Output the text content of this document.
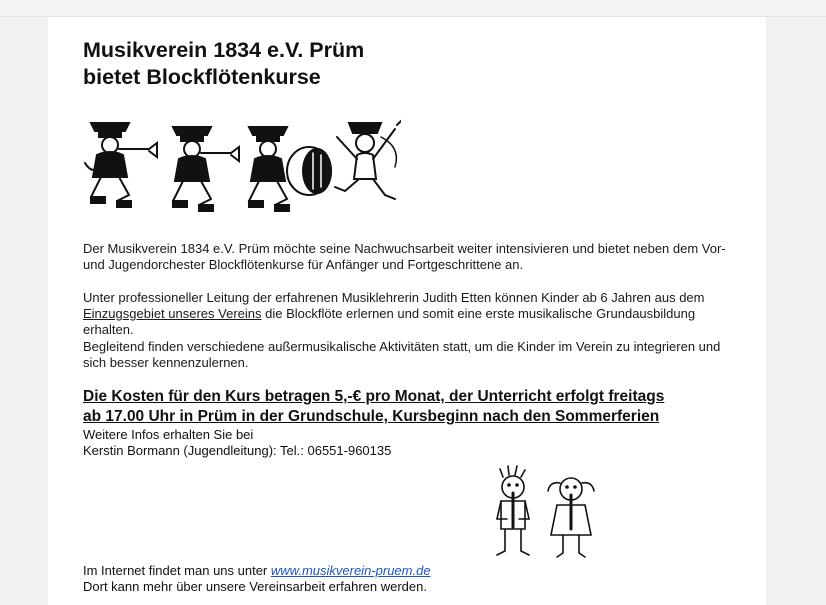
Musikverein 1834 e.V. Prüm
bietet Blockflötenkurse

Der Musikverein 1834 e.V. Prüm möchte seine Nachwuchsarbeit weiter intensivieren und bietet neben dem Vor- und Jugendorchester Blockflötenkurse für Anfänger und Fortgeschrittene an.

Unter professioneller Leitung der erfahrenen Musiklehrerin Judith Etten können Kinder ab 6 Jahren aus dem Einzugsgebiet unseres Vereins die Blockflöte erlernen und somit eine erste musikalische Grundausbildung erhalten.
Begleitend finden verschiedene außermusikalische Aktivitäten statt, um die Kinder im Verein zu integrieren und sich besser kennenzulernen.

Die Kosten für den Kurs betragen 5,-€ pro Monat, der Unterricht erfolgt freitags
ab 17.00 Uhr in Prüm in der Grundschule, Kursbeginn nach den Sommerferien

Weitere Infos erhalten Sie bei
Kerstin Bormann (Jugendleitung): Tel.: 06551-960135

Im Internet findet man uns unter www.musikverein-pruem.de
Dort kann mehr über unsere Vereinsarbeit erfahren werden.
